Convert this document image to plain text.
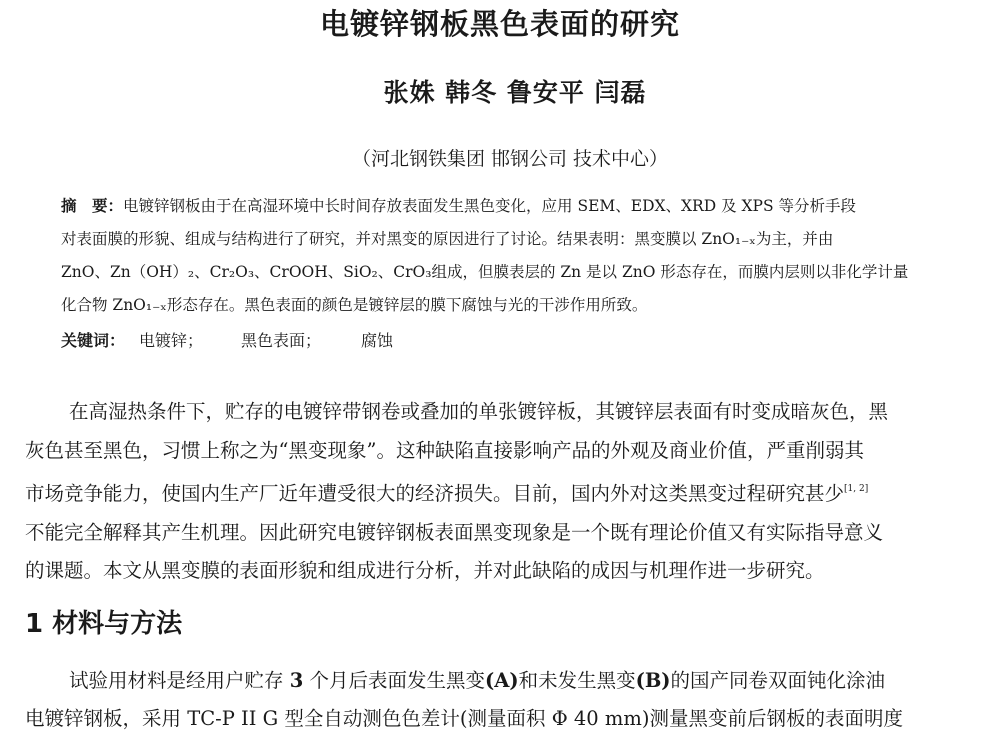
电镀锌钢板黑色表面的研究
张姝 韩冬 鲁安平 闫磊
（河北钢铁集团 邯钢公司 技术中心）
摘　要：电镀锌钢板由于在高湿环境中长时间存放表面发生黑色变化，应用 SEM、EDX、XRD 及 XPS 等分析手段
对表面膜的形貌、组成与结构进行了研究，并对黑变的原因进行了讨论。结果表明：黑变膜以 ZnO₁₋ₓ为主，并由
ZnO、Zn（OH）₂、Cr₂O₃、CrOOH、SiO₂、CrO₃组成，但膜表层的 Zn 是以 ZnO 形态存在，而膜内层则以非化学计量
化合物 ZnO₁₋ₓ形态存在。黑色表面的颜色是镀锌层的膜下腐蚀与光的干涉作用所致。
关键词： 电镀锌； 黑色表面；	腐蚀
在高湿热条件下，贮存的电镀锌带钢卷或叠加的单张镀锌板，其镀锌层表面有时变成暗灰色，黑
灰色甚至黑色，习惯上称之为“黑变现象”。这种缺陷直接影响产品的外观及商业价值，严重削弱其
市场竞争能力，使国内生产厂近年遭受很大的经济损失。目前，国内外对这类黑变过程研究甚少[1, 2]
不能完全解释其产生机理。因此研究电镀锌钢板表面黑变现象是一个既有理论价值又有实际指导意义
的课题。本文从黑变膜的表面形貌和组成进行分析，并对此缺陷的成因与机理作进一步研究。
1 材料与方法
试验用材料是经用户贮存 3 个月后表面发生黑变(A)和未发生黑变(B)的国产同卷双面钝化涂油
电镀锌钢板，采用 TC-P II G 型全自动测色色差计(测量面积 Φ 40 mm)测量黑变前后钢板的表面明度
